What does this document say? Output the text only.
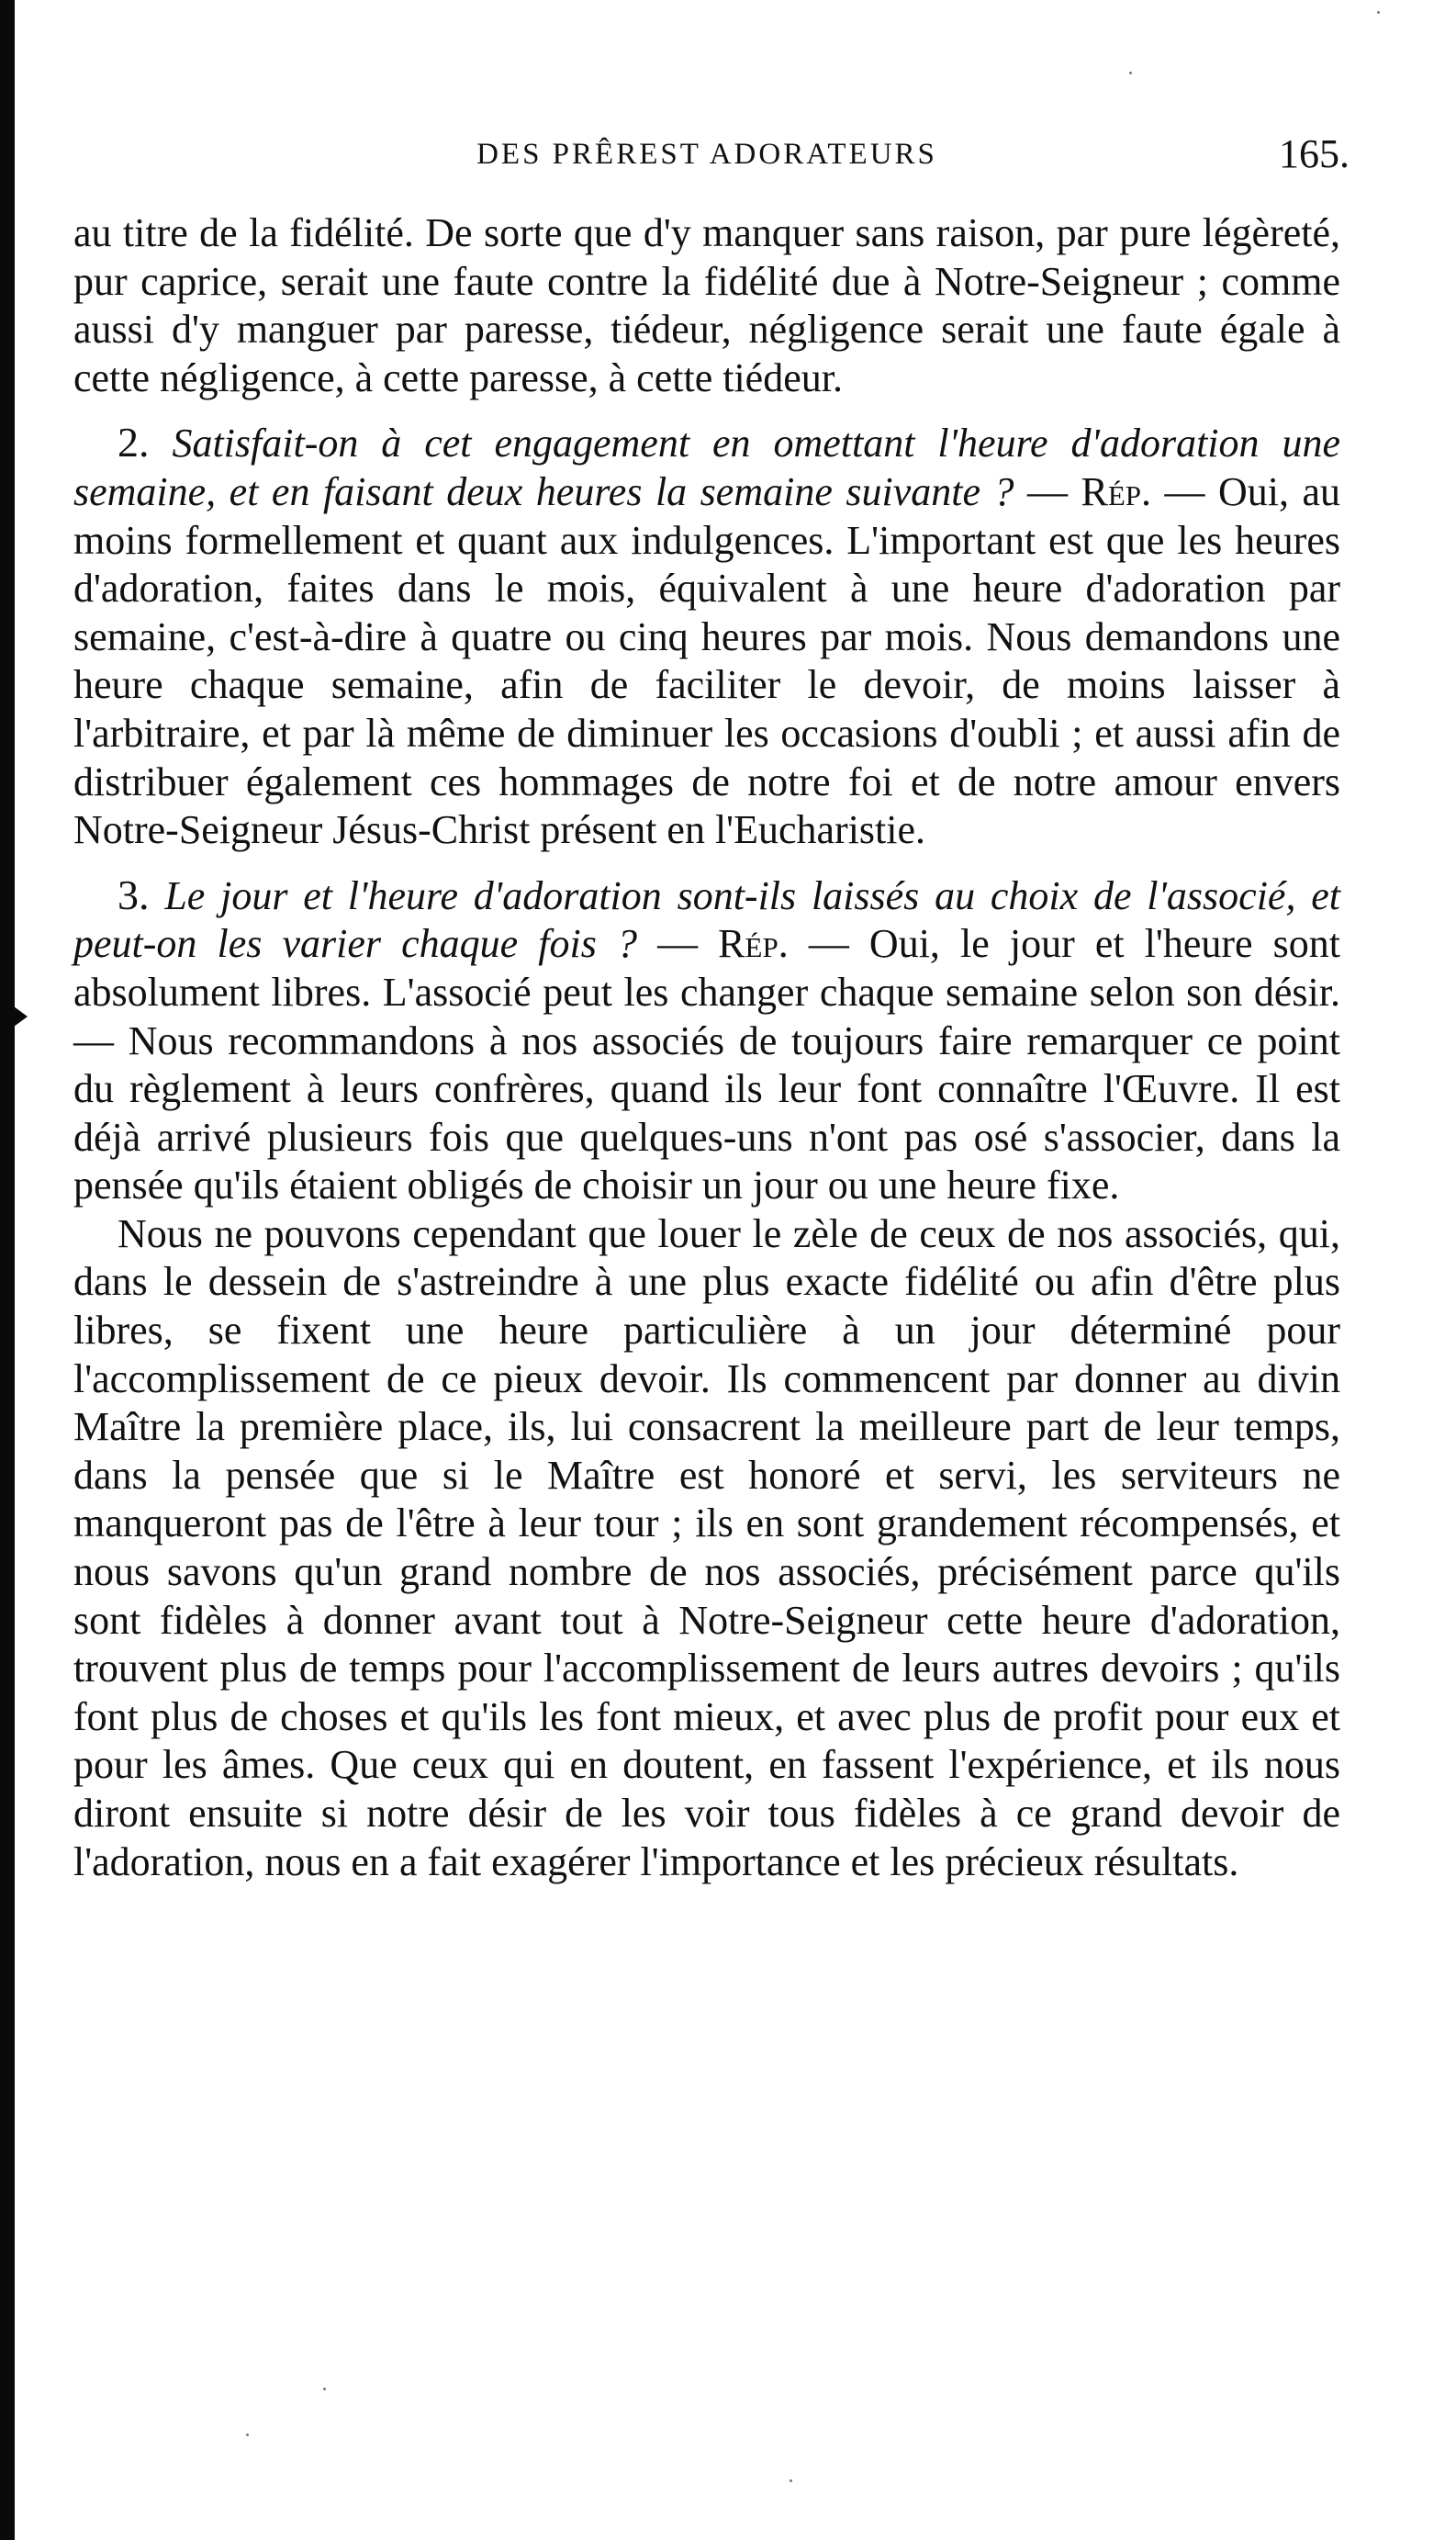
DES PRÊREST ADORATEURS	165.

au titre de la fidélité. De sorte que d'y manquer sans raison, par pure légèreté, pur caprice, serait une faute contre la fidélité due à Notre-Seigneur ; comme aussi d'y manguer par paresse, tiédeur, négligence serait une faute égale à cette négligence, à cette paresse, à cette tiédeur.

2. Satisfait-on à cet engagement en omettant l'heure d'adoration une semaine, et en faisant deux heures la semaine suivante ? — Rép. — Oui, au moins formellement et quant aux indulgences. L'important est que les heures d'adoration, faites dans le mois, équivalent à une heure d'adoration par semaine, c'est-à-dire à quatre ou cinq heures par mois. Nous demandons une heure chaque semaine, afin de faciliter le devoir, de moins laisser à l'arbitraire, et par là même de diminuer les occasions d'oubli ; et aussi afin de distribuer également ces hommages de notre foi et de notre amour envers Notre-Seigneur Jésus-Christ présent en l'Eucharistie.

3. Le jour et l'heure d'adoration sont-ils laissés au choix de l'associé, et peut-on les varier chaque fois ? — Rép. — Oui, le jour et l'heure sont absolument libres. L'associé peut les changer chaque semaine selon son désir. — Nous recommandons à nos associés de toujours faire remarquer ce point du règlement à leurs confrères, quand ils leur font connaître l'Œuvre. Il est déjà arrivé plusieurs fois que quelques-uns n'ont pas osé s'associer, dans la pensée qu'ils étaient obligés de choisir un jour ou une heure fixe.

Nous ne pouvons cependant que louer le zèle de ceux de nos associés, qui, dans le dessein de s'astreindre à une plus exacte fidélité ou afin d'être plus libres, se fixent une heure particulière à un jour déterminé pour l'accomplissement de ce pieux devoir. Ils commencent par donner au divin Maître la première place, ils, lui consacrent la meilleure part de leur temps, dans la pensée que si le Maître est honoré et servi, les serviteurs ne manqueront pas de l'être à leur tour ; ils en sont grandement récompensés, et nous savons qu'un grand nombre de nos associés, précisément parce qu'ils sont fidèles à donner avant tout à Notre-Seigneur cette heure d'adoration, trouvent plus de temps pour l'accomplissement de leurs autres devoirs ; qu'ils font plus de choses et qu'ils les font mieux, et avec plus de profit pour eux et pour les âmes. Que ceux qui en doutent, en fassent l'expérience, et ils nous diront ensuite si notre désir de les voir tous fidèles à ce grand devoir de l'adoration, nous en a fait exagérer l'importance et les précieux résultats.
